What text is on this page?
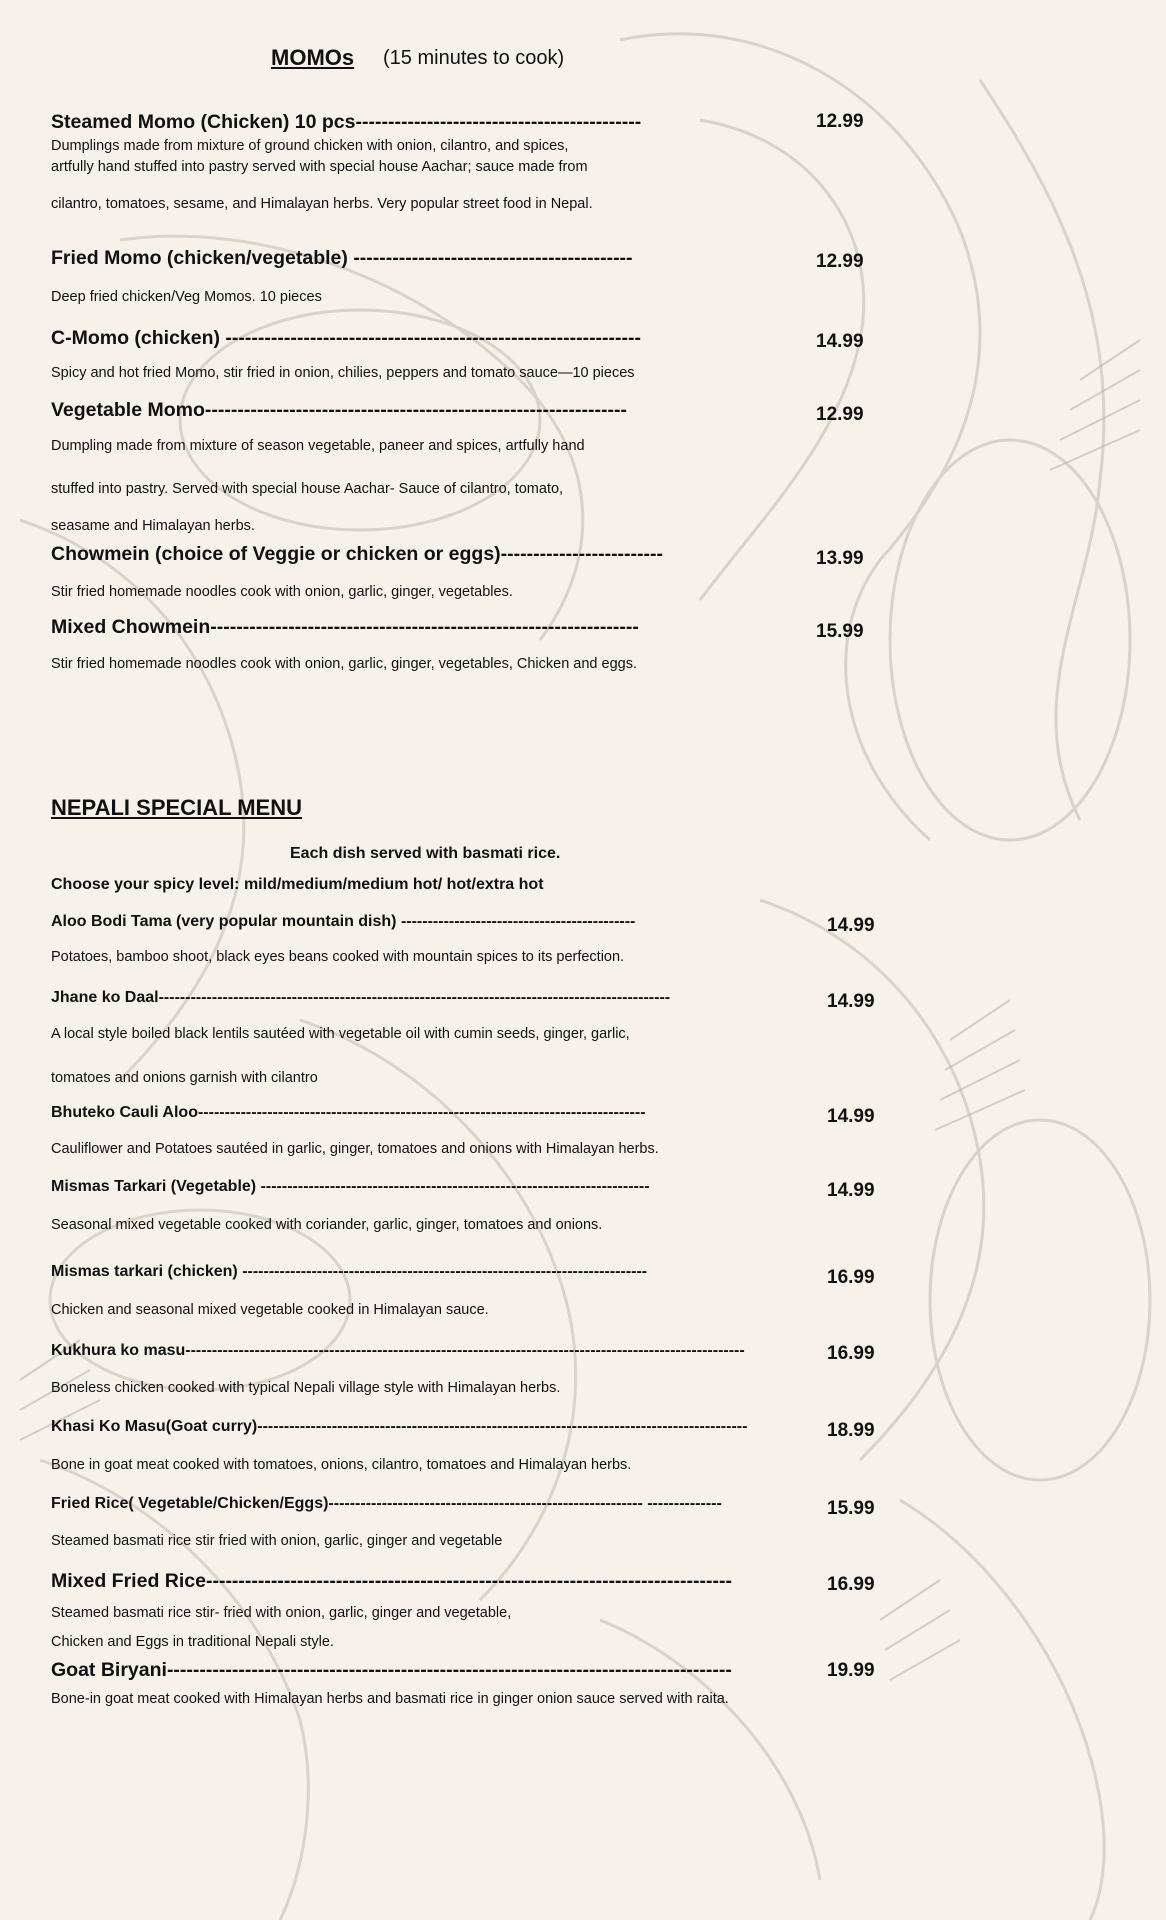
MOMOs (15 minutes to cook)
Steamed Momo (Chicken) 10 pcs--------------------------------------------	12.99
Dumplings made from mixture of ground chicken with onion, cilantro, and spices,
artfully hand stuffed into pastry served with special house Aachar; sauce made from
cilantro, tomatoes, sesame, and Himalayan herbs. Very popular street food in Nepal.
Fried Momo (chicken/vegetable) -------------------------------------------	12.99
Deep fried chicken/Veg Momos. 10 pieces
C-Momo (chicken) ----------------------------------------------------------------	14.99
Spicy and hot fried Momo, stir fried in onion, chilies, peppers and tomato sauce—10 pieces
Vegetable Momo-----------------------------------------------------------------	12.99
Dumpling made from mixture of season vegetable, paneer and spices, artfully hand
stuffed into pastry. Served with special house Aachar- Sauce of cilantro, tomato,
seasame and Himalayan herbs.
Chowmein (choice of Veggie or chicken or eggs)-------------------------	13.99
Stir fried homemade noodles cook with onion, garlic, ginger, vegetables.
Mixed Chowmein------------------------------------------------------------------	15.99
Stir fried homemade noodles cook with onion, garlic, ginger, vegetables, Chicken and eggs.
NEPALI SPECIAL MENU
Each dish served with basmati rice.
Choose your spicy level: mild/medium/medium hot/ hot/extra hot
Aloo Bodi Tama (very popular mountain dish) --------------------------------------------	14.99
Potatoes, bamboo shoot, black eyes beans cooked with mountain spices to its perfection.
Jhane ko Daal------------------------------------------------------------------------------------------------	14.99
A local style boiled black lentils sautéed with vegetable oil with cumin seeds, ginger, garlic,
tomatoes and onions garnish with cilantro
Bhuteko Cauli Aloo------------------------------------------------------------------------------------	14.99
Cauliflower and Potatoes sautéed in garlic, ginger, tomatoes and onions with Himalayan herbs.
Mismas Tarkari (Vegetable) -------------------------------------------------------------------------	14.99
Seasonal mixed vegetable cooked with coriander, garlic, ginger, tomatoes and onions.
Mismas tarkari (chicken) ----------------------------------------------------------------------------	16.99
Chicken and seasonal mixed vegetable cooked in Himalayan sauce.
Kukhura ko masu---------------------------------------------------------------------------------------------------------	16.99
Boneless chicken cooked with typical Nepali village style with Himalayan herbs.
Khasi Ko Masu(Goat curry)--------------------------------------------------------------------------------------------	18.99
Bone in goat meat cooked with tomatoes, onions, cilantro, tomatoes and Himalayan herbs.
Fried Rice( Vegetable/Chicken/Eggs)----------------------------------------------------------- --------------	15.99
Steamed basmati rice stir fried with onion, garlic, ginger and vegetable
Mixed Fried Rice---------------------------------------------------------------------------------	16.99
Steamed basmati rice stir- fried with onion, garlic, ginger and vegetable,
Chicken and Eggs in traditional Nepali style.
Goat Biryani---------------------------------------------------------------------------------------	19.99
Bone-in goat meat cooked with Himalayan herbs and basmati rice in ginger onion sauce served with raita.
